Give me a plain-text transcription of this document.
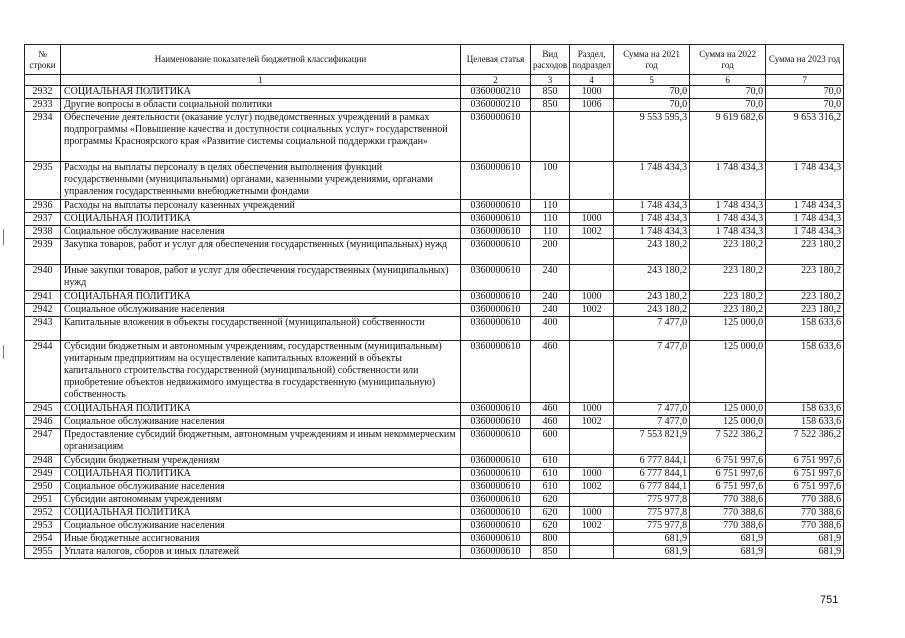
№ строки	Наименование показателей бюджетной классификации	Целевая статья	Вид расходов	Раздел, подраздел	Сумма на 2021 год	Сумма на 2022 год	Сумма на 2023 год
	1	2	3	4	5	6	7
2932	СОЦИАЛЬНАЯ ПОЛИТИКА	0360000210	850	1000	70,0	70,0	70,0
2933	Другие вопросы в области социальной политики	0360000210	850	1006	70,0	70,0	70,0
2934	Обеспечение деятельности (оказание услуг) подведомственных учреждений в рамках подпрограммы «Повышение качества и доступности социальных услуг» государственной программы Красноярского края «Развитие системы социальной поддержки граждан»	0360000610			9 553 595,3	9 619 682,6	9 653 316,2
2935	Расходы на выплаты персоналу в целях обеспечения выполнения функций государственными (муниципальными) органами, казенными учреждениями, органами управления государственными внебюджетными фондами	0360000610	100		1 748 434,3	1 748 434,3	1 748 434,3
2936	Расходы на выплаты персоналу казенных учреждений	0360000610	110		1 748 434,3	1 748 434,3	1 748 434,3
2937	СОЦИАЛЬНАЯ ПОЛИТИКА	0360000610	110	1000	1 748 434,3	1 748 434,3	1 748 434,3
2938	Социальное обслуживание населения	0360000610	110	1002	1 748 434,3	1 748 434,3	1 748 434,3
2939	Закупка товаров, работ и услуг для обеспечения государственных (муниципальных) нужд	0360000610	200		243 180,2	223 180,2	223 180,2
2940	Иные закупки товаров, работ и услуг для обеспечения государственных (муниципальных) нужд	0360000610	240		243 180,2	223 180,2	223 180,2
2941	СОЦИАЛЬНАЯ ПОЛИТИКА	0360000610	240	1000	243 180,2	223 180,2	223 180,2
2942	Социальное обслуживание населения	0360000610	240	1002	243 180,2	223 180,2	223 180,2
2943	Капитальные вложения в объекты государственной (муниципальной) собственности	0360000610	400		7 477,0	125 000,0	158 633,6
2944	Субсидии бюджетным и автономным учреждениям, государственным (муниципальным) унитарным предприятиям на осуществление капитальных вложений в объекты капитального строительства государственной (муниципальной) собственности или приобретение объектов недвижимого имущества в государственную (муниципальную) собственность	0360000610	460		7 477,0	125 000,0	158 633,6
2945	СОЦИАЛЬНАЯ ПОЛИТИКА	0360000610	460	1000	7 477,0	125 000,0	158 633,6
2946	Социальное обслуживание населения	0360000610	460	1002	7 477,0	125 000,0	158 633,6
2947	Предоставление субсидий бюджетным, автономным учреждениям и иным некоммерческим организациям	0360000610	600		7 553 821,9	7 522 386,2	7 522 386,2
2948	Субсидии бюджетным учреждениям	0360000610	610		6 777 844,1	6 751 997,6	6 751 997,6
2949	СОЦИАЛЬНАЯ ПОЛИТИКА	0360000610	610	1000	6 777 844,1	6 751 997,6	6 751 997,6
2950	Социальное обслуживание населения	0360000610	610	1002	6 777 844,1	6 751 997,6	6 751 997,6
2951	Субсидии автономным учреждениям	0360000610	620		775 977,8	770 388,6	770 388,6
2952	СОЦИАЛЬНАЯ ПОЛИТИКА	0360000610	620	1000	775 977,8	770 388,6	770 388,6
2953	Социальное обслуживание населения	0360000610	620	1002	775 977,8	770 388,6	770 388,6
2954	Иные бюджетные ассигнования	0360000610	800		681,9	681,9	681,9
2955	Уплата налогов, сборов и иных платежей	0360000610	850		681,9	681,9	681,9
751
